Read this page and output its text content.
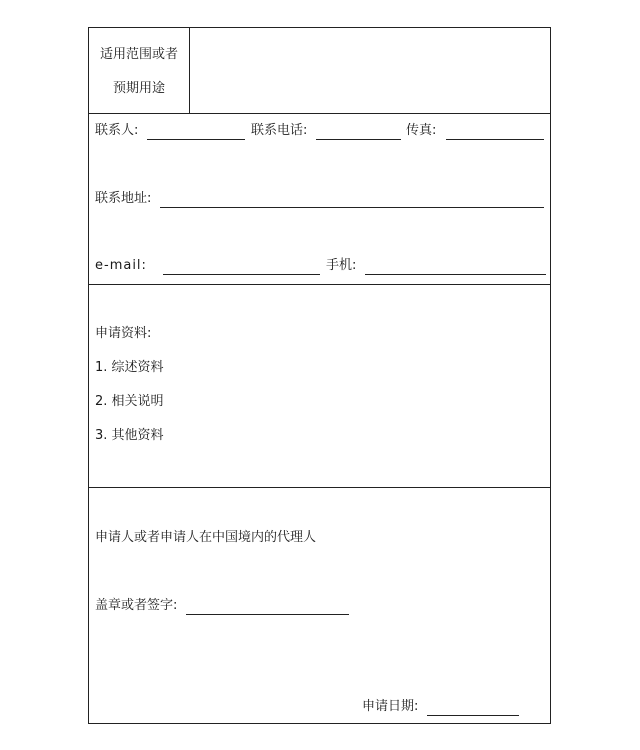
适用范围或者
预期用途
联系人:	联系电话:	传真:
联系地址:
e-mail:	手机:
申请资料:
1. 综述资料
2. 相关说明
3. 其他资料
申请人或者申请人在中国境内的代理人
盖章或者签字:
申请日期:
